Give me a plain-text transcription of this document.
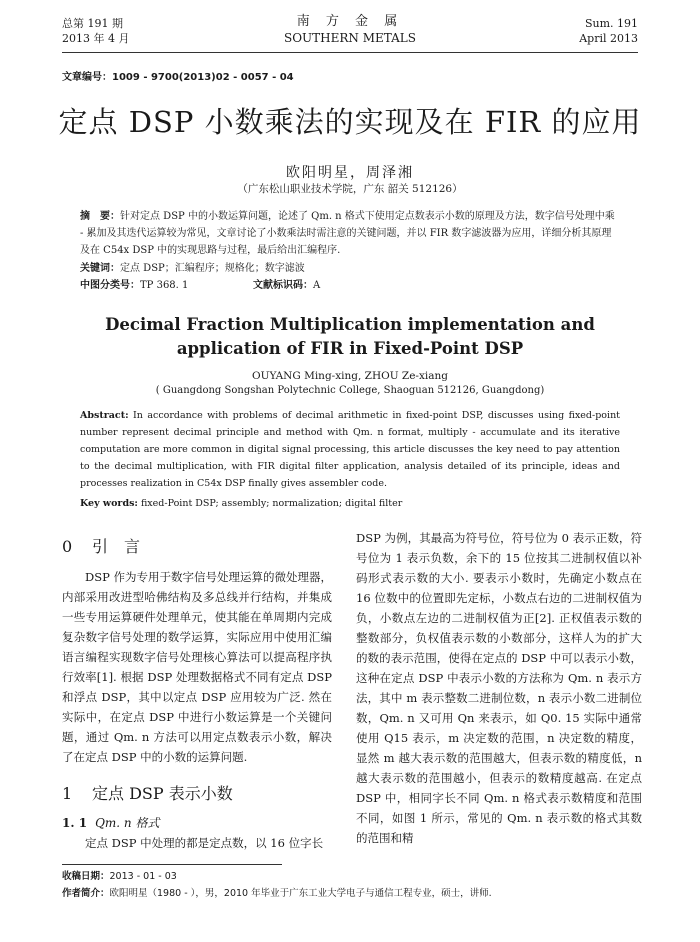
总第 191 期
2013 年 4 月
南 方 金 属
SOUTHERN METALS
Sum. 191
April 2013
文章编号：1009 - 9700(2013)02 - 0057 - 04
定点 DSP 小数乘法的实现及在 FIR 的应用
欧阳明星，周泽湘
（广东松山职业技术学院，广东 韶关 512126）
摘　要：针对定点 DSP 中的小数运算问题，论述了 Qm. n 格式下使用定点数表示小数的原理及方法，数字信号处理中乘 - 累加及其迭代运算较为常见，文章讨论了小数乘法时需注意的关键问题，并以 FIR 数字滤波器为应用，详细分析其原理及在 C54x DSP 中的实现思路与过程，最后给出汇编程序.
关键词：定点 DSP；汇编程序；规格化；数字滤波
中图分类号：TP 368. 1	文献标识码：A
Decimal Fraction Multiplication implementation and application of FIR in Fixed-Point DSP
OUYANG Ming-xing, ZHOU Ze-xiang
( Guangdong Songshan Polytechnic College, Shaoguan 512126, Guangdong)
Abstract: In accordance with problems of decimal arithmetic in fixed-point DSP, discusses using fixed-point number represent decimal principle and method with Qm. n format, multiply - accumulate and its iterative computation are more common in digital signal processing, this article discusses the key need to pay attention to the decimal multiplication, with FIR digital filter application, analysis detailed of its principle, ideas and processes realization in C54x DSP finally gives assembler code.
Key words: fixed-Point DSP; assembly; normalization; digital filter
0 引　言

DSP 作为专用于数字信号处理运算的微处理器，内部采用改进型哈佛结构及多总线并行结构，并集成一些专用运算硬件处理单元，使其能在单周期内完成复杂数字信号处理的数学运算，实际应用中使用汇编语言编程实现数字信号处理核心算法可以提高程序执行效率[1]. 根据 DSP 处理数据格式不同有定点 DSP 和浮点 DSP，其中以定点 DSP 应用较为广泛. 然在实际中，在定点 DSP 中进行小数运算是一个关键问题，通过 Qm. n 方法可以用定点数表示小数，解决了在定点 DSP 中的小数的运算问题.

1 定点 DSP 表示小数
1. 1 Qm. n 格式

定点 DSP 中处理的都是定点数，以 16 位字长

DSP 为例，其最高为符号位，符号位为 0 表示正数，符号位为 1 表示负数，余下的 15 位按其二进制权值以补码形式表示数的大小. 要表示小数时，先确定小数点在 16 位数中的位置即先定标，小数点右边的二进制权值为负，小数点左边的二进制权值为正[2]. 正权值表示数的整数部分，负权值表示数的小数部分，这样人为的扩大的数的表示范围，使得在定点的 DSP 中可以表示小数，这种在定点 DSP 中表示小数的方法称为 Qm. n 表示方法，其中 m 表示整数二进制位数，n 表示小数二进制位数，Qm. n 又可用 Qn 来表示，如 Q0. 15 实际中通常使用 Q15 表示，m 决定数的范围，n 决定数的精度，显然 m 越大表示数的范围越大，但表示数的精度低，n 越大表示数的范围越小，但表示的数精度越高. 在定点 DSP 中，相同字长不同 Qm. n 格式表示数精度和范围不同，如图 1 所示，常见的 Qm. n 表示数的格式其数的范围和精

收稿日期：2013 - 01 - 03
作者简介：欧阳明星（1980 - ），男，2010 年毕业于广东工业大学电子与通信工程专业，硕士，讲师.
